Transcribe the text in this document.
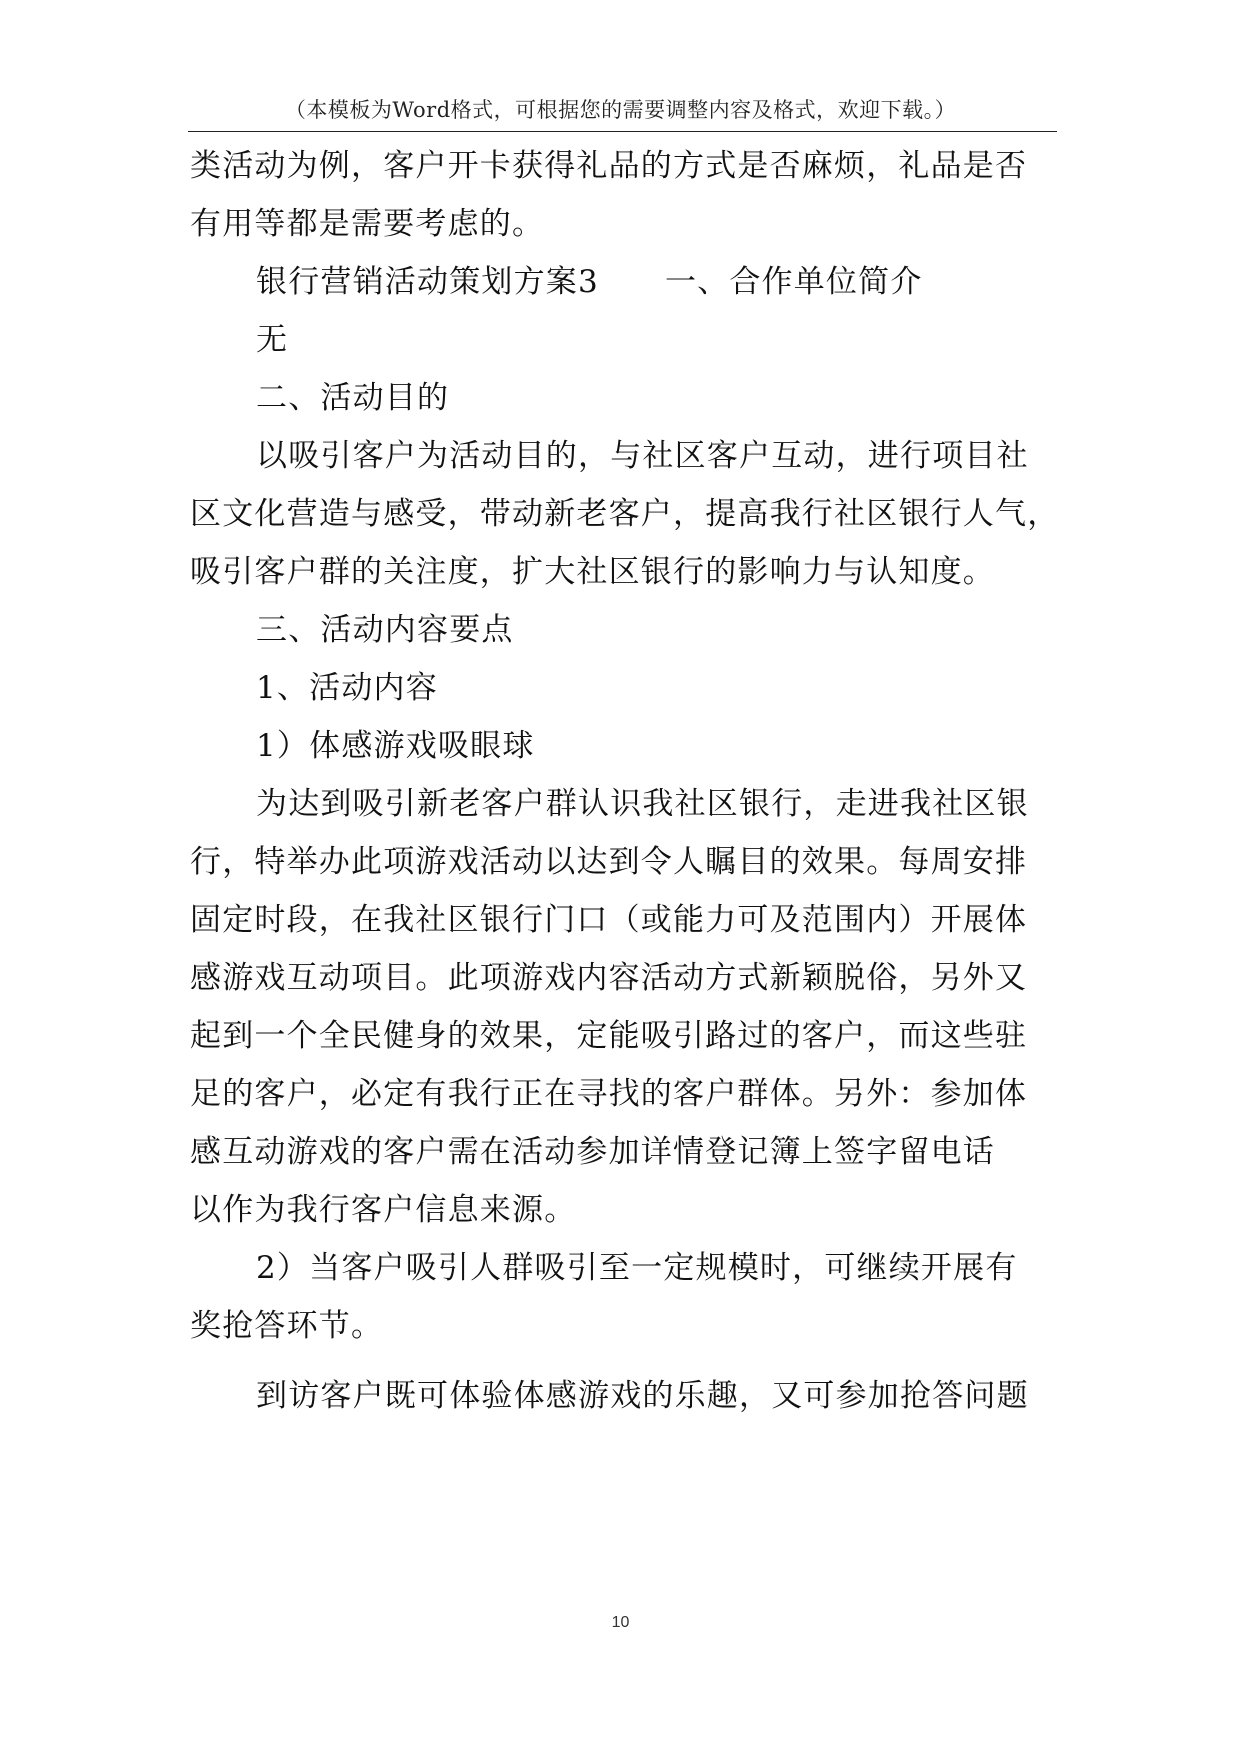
（本模板为Word格式，可根据您的需要调整内容及格式，欢迎下载。）
类活动为例，客户开卡获得礼品的方式是否麻烦，礼品是否
有用等都是需要考虑的。
银行营销活动策划方案3 一、合作单位简介
无
二、活动目的
以吸引客户为活动目的，与社区客户互动，进行项目社
区文化营造与感受，带动新老客户，提高我行社区银行人气，
吸引客户群的关注度，扩大社区银行的影响力与认知度。
三、活动内容要点
1、活动内容
1）体感游戏吸眼球
为达到吸引新老客户群认识我社区银行，走进我社区银
行，特举办此项游戏活动以达到令人瞩目的效果。每周安排
固定时段，在我社区银行门口（或能力可及范围内）开展体
感游戏互动项目。此项游戏内容活动方式新颖脱俗，另外又
起到一个全民健身的效果，定能吸引路过的客户，而这些驻
足的客户，必定有我行正在寻找的客户群体。另外：参加体
感互动游戏的客户需在活动参加详情登记簿上签字留电话
以作为我行客户信息来源。
2）当客户吸引人群吸引至一定规模时，可继续开展有
奖抢答环节。
到访客户既可体验体感游戏的乐趣，又可参加抢答问题
10
